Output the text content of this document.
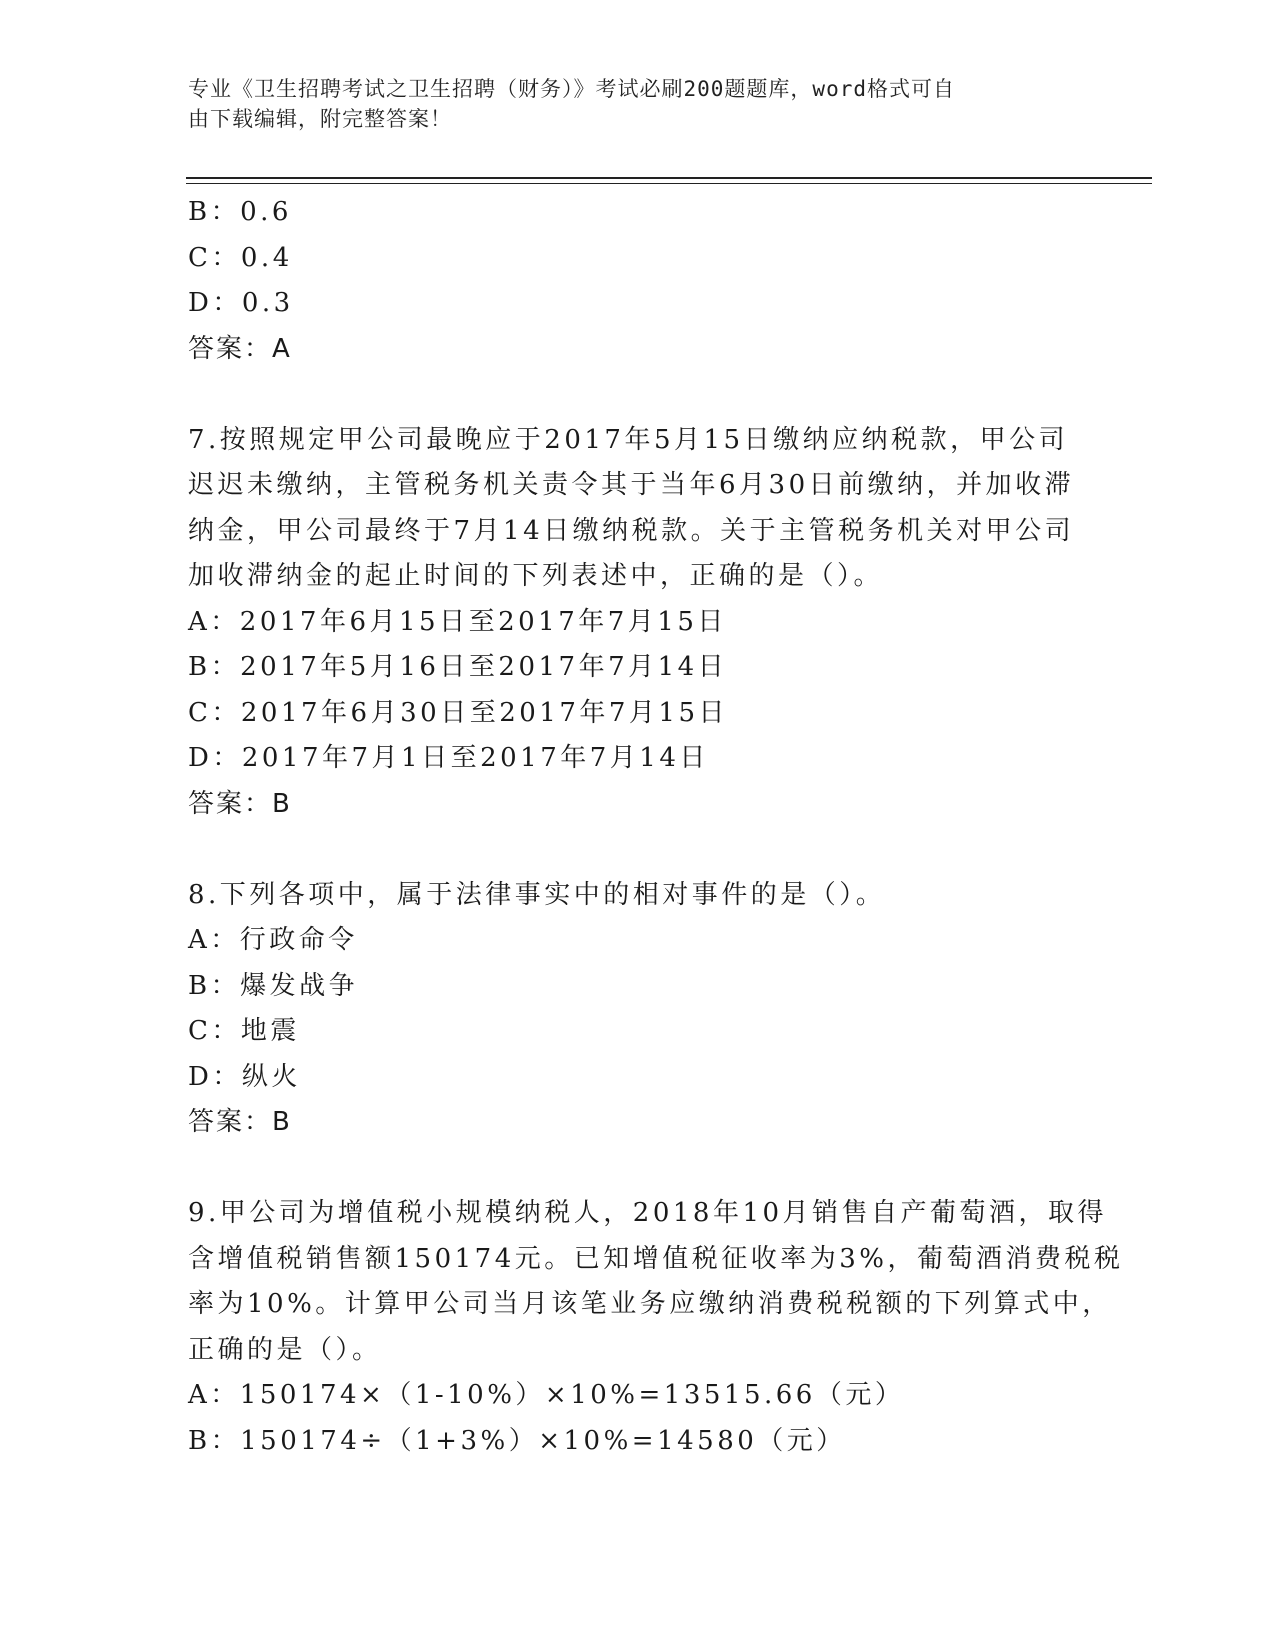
专业《卫生招聘考试之卫生招聘（财务）》考试必刷200题题库，word格式可自
由下载编辑，附完整答案！
B：0.6
C：0.4
D：0.3
答案：A
7.按照规定甲公司最晚应于2017年5月15日缴纳应纳税款，甲公司
迟迟未缴纳，主管税务机关责令其于当年6月30日前缴纳，并加收滞
纳金，甲公司最终于7月14日缴纳税款。关于主管税务机关对甲公司
加收滞纳金的起止时间的下列表述中，正确的是（）。
A：2017年6月15日至2017年7月15日
B：2017年5月16日至2017年7月14日
C：2017年6月30日至2017年7月15日
D：2017年7月1日至2017年7月14日
答案：B
8.下列各项中，属于法律事实中的相对事件的是（）。
A：行政命令
B：爆发战争
C：地震
D：纵火
答案：B
9.甲公司为增值税小规模纳税人，2018年10月销售自产葡萄酒，取得
含增值税销售额150174元。已知增值税征收率为3%，葡萄酒消费税税
率为10%。计算甲公司当月该笔业务应缴纳消费税税额的下列算式中，
正确的是（）。
A：150174×（1-10%）×10%=13515.66（元）
B：150174÷（1+3%）×10%=14580（元）
